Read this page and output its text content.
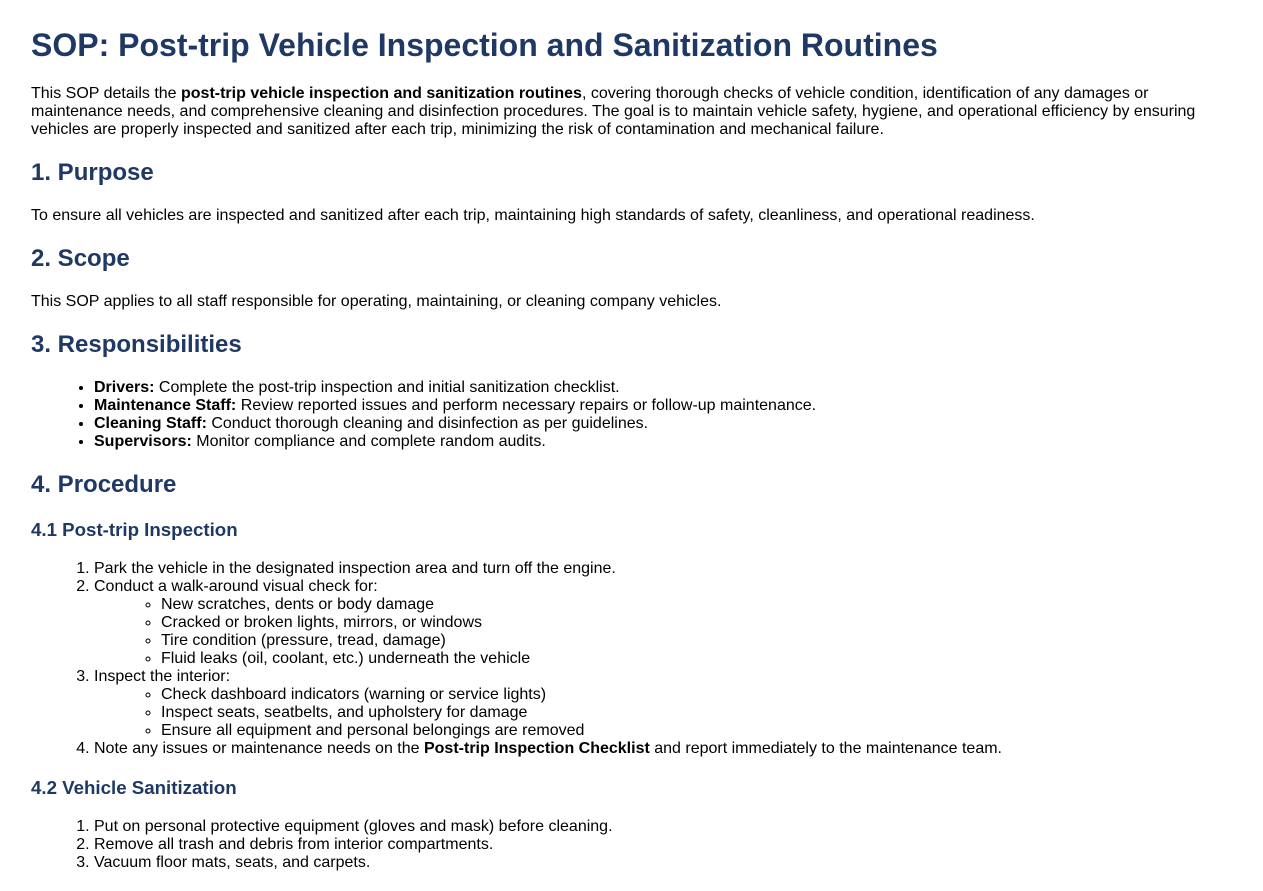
SOP: Post-trip Vehicle Inspection and Sanitization Routines

This SOP details the post-trip vehicle inspection and sanitization routines, covering thorough checks of vehicle condition, identification of any damages or maintenance needs, and comprehensive cleaning and disinfection procedures. The goal is to maintain vehicle safety, hygiene, and operational efficiency by ensuring vehicles are properly inspected and sanitized after each trip, minimizing the risk of contamination and mechanical failure.

1. Purpose

To ensure all vehicles are inspected and sanitized after each trip, maintaining high standards of safety, cleanliness, and operational readiness.

2. Scope

This SOP applies to all staff responsible for operating, maintaining, or cleaning company vehicles.

3. Responsibilities
• Drivers: Complete the post-trip inspection and initial sanitization checklist.
• Maintenance Staff: Review reported issues and perform necessary repairs or follow-up maintenance.
• Cleaning Staff: Conduct thorough cleaning and disinfection as per guidelines.
• Supervisors: Monitor compliance and complete random audits.
4. Procedure
4.1 Post-trip Inspection
1. Park the vehicle in the designated inspection area and turn off the engine.
2. Conduct a walk-around visual check for:
◦ New scratches, dents or body damage
◦ Cracked or broken lights, mirrors, or windows
◦ Tire condition (pressure, tread, damage)
◦ Fluid leaks (oil, coolant, etc.) underneath the vehicle
3. Inspect the interior:
◦ Check dashboard indicators (warning or service lights)
◦ Inspect seats, seatbelts, and upholstery for damage
◦ Ensure all equipment and personal belongings are removed
4. Note any issues or maintenance needs on the Post-trip Inspection Checklist and report immediately to the maintenance team.
4.2 Vehicle Sanitization
1. Put on personal protective equipment (gloves and mask) before cleaning.
2. Remove all trash and debris from interior compartments.
3. Vacuum floor mats, seats, and carpets.
